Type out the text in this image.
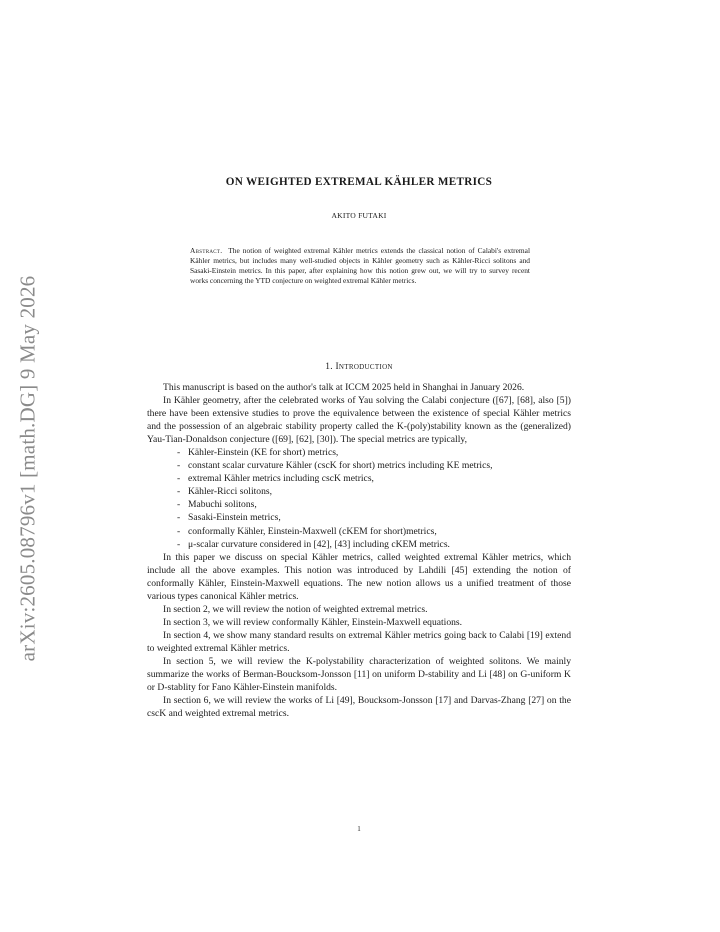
arXiv:2605.08796v1 [math.DG] 9 May 2026
ON WEIGHTED EXTREMAL KÄHLER METRICS
AKITO FUTAKI
Abstract. The notion of weighted extremal Kähler metrics extends the classical notion of Calabi's extremal Kähler metrics, but includes many well-studied objects in Kähler geometry such as Kähler-Ricci solitons and Sasaki-Einstein metrics. In this paper, after explaining how this notion grew out, we will try to survey recent works concerning the YTD conjecture on weighted extremal Kähler metrics.
1. Introduction

This manuscript is based on the author's talk at ICCM 2025 held in Shanghai in January 2026.

In Kähler geometry, after the celebrated works of Yau solving the Calabi conjecture ([67], [68], also [5]) there have been extensive studies to prove the equivalence between the existence of special Kähler metrics and the possession of an algebraic stability property called the K-(poly)stability known as the (generalized) Yau-Tian-Donaldson conjecture ([69], [62], [30]). The special metrics are typically,

- Kähler-Einstein (KE for short) metrics,
- constant scalar curvature Kähler (cscK for short) metrics including KE metrics,
- extremal Kähler metrics including cscK metrics,
- Kähler-Ricci solitons,
- Mabuchi solitons,
- Sasaki-Einstein metrics,
- conformally Kähler, Einstein-Maxwell (cKEM for short)metrics,
- μ-scalar curvature considered in [42], [43] including cKEM metrics.

In this paper we discuss on special Kähler metrics, called weighted extremal Kähler metrics, which include all the above examples. This notion was introduced by Lahdili [45] extending the notion of conformally Kähler, Einstein-Maxwell equations. The new notion allows us a unified treatment of those various types canonical Kähler metrics.

In section 2, we will review the notion of weighted extremal metrics.

In section 3, we will review conformally Kähler, Einstein-Maxwell equations.

In section 4, we show many standard results on extremal Kähler metrics going back to Calabi [19] extend to weighted extremal Kähler metrics.

In section 5, we will review the K-polystability characterization of weighted solitons. We mainly summarize the works of Berman-Boucksom-Jonsson [11] on uniform D-stability and Li [48] on G-uniform K or D-stablity for Fano Kähler-Einstein manifolds.

In section 6, we will review the works of Li [49], Boucksom-Jonsson [17] and Darvas-Zhang [27] on the cscK and weighted extremal metrics.

1
